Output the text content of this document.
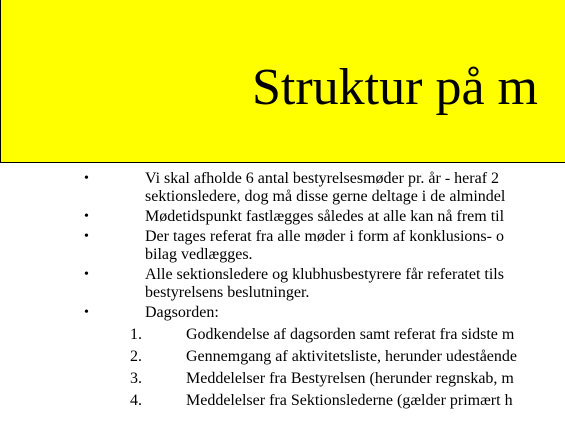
Struktur på m
•	Vi skal afholde 6 antal bestyrelsesmøder pr. år - heraf 2
sektionsledere, dog må disse gerne deltage i de almindel
•	Mødetidspunkt fastlægges således at alle kan nå frem til
•	Der tages referat fra alle møder i form af konklusions- o
bilag vedlægges.
•	Alle sektionsledere og klubhusbestyrere får referatet tils
bestyrelsens beslutninger.
•	Dagsorden:
1.	Godkendelse af dagsorden samt referat fra sidste m
2.	Gennemgang af aktivitetsliste, herunder udestående
3.	Meddelelser fra Bestyrelsen (herunder regnskab, m
4.	Meddelelser fra Sektionslederne (gælder primært h
